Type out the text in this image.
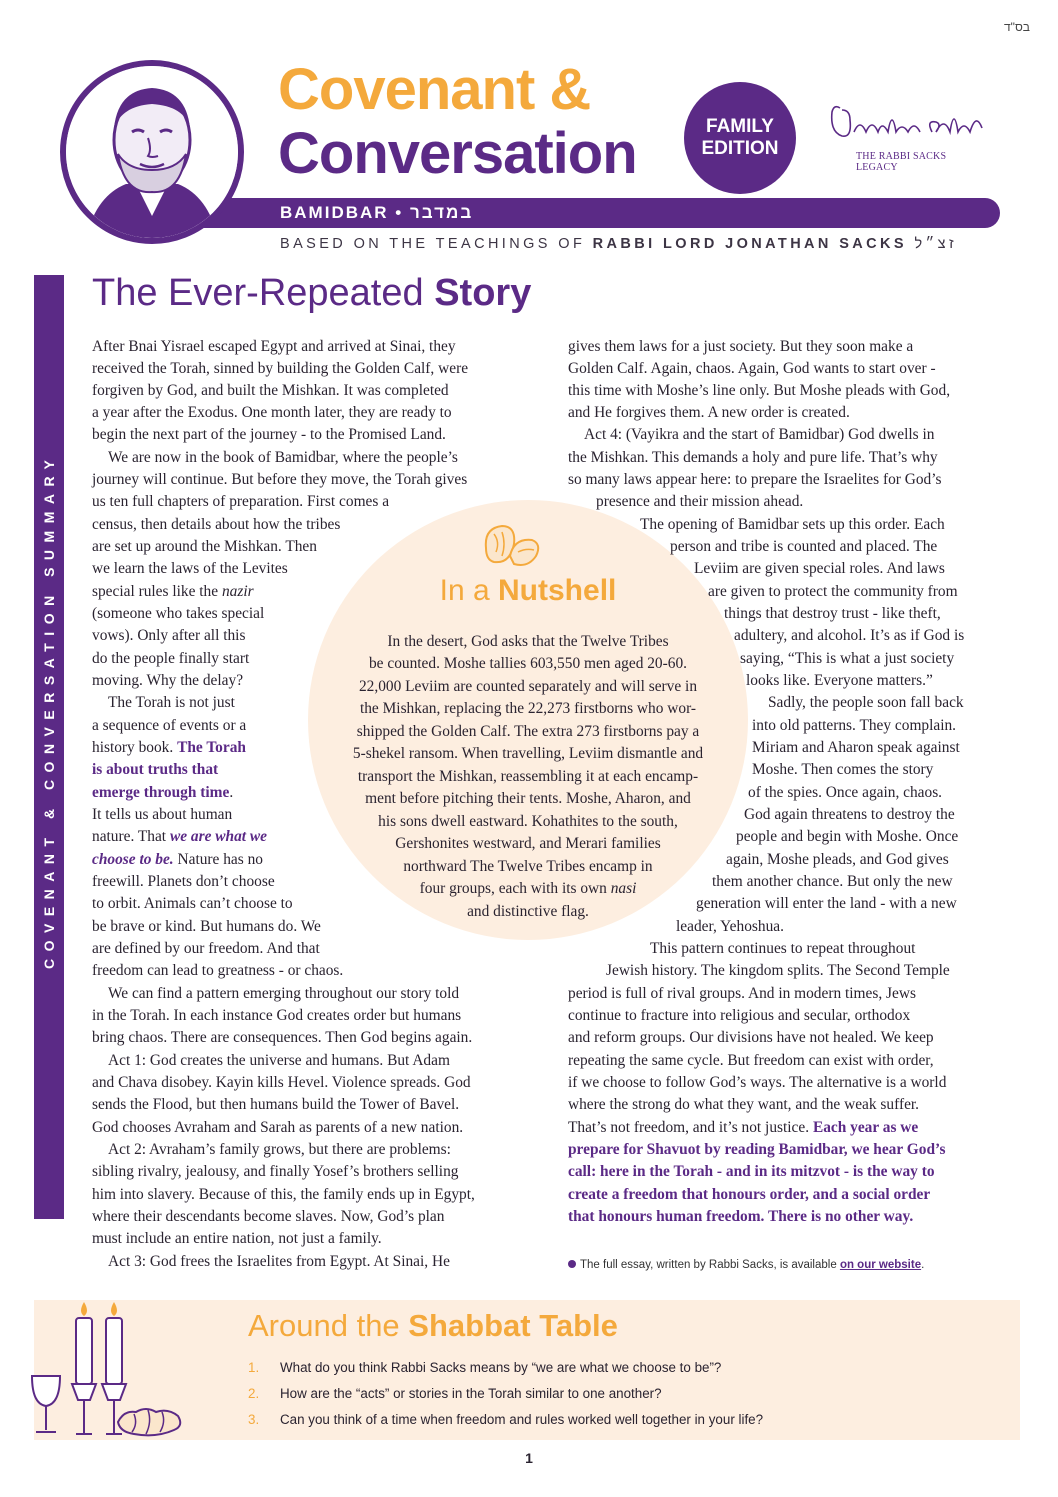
בס"ד
BAMIDBAR • במדבר
Covenant &
Conversation	FAMILY
EDITION	THE RABBI SACKS LEGACY
BASED ON THE TEACHINGS OF RABBI LORD JONATHAN SACKS זצ״ל
COVENANT & CONVERSATION SUMMARY
The Ever-Repeated Story
In a Nutshell
In the desert, God asks that the Twelve Tribes
be counted. Moshe tallies 603,550 men aged 20-60.
22,000 Leviim are counted separately and will serve in
the Mishkan, replacing the 22,273 firstborns who wor-
shipped the Golden Calf. The extra 273 firstborns pay a
5-shekel ransom. When travelling, Leviim dismantle and
transport the Mishkan, reassembling it at each encamp-
ment before pitching their tents. Moshe, Aharon, and
his sons dwell eastward. Kohathites to the south,
Gershonites westward, and Merari families
northward The Twelve Tribes encamp in
four groups, each with its own nasi
and distinctive flag.
After Bnai Yisrael escaped Egypt and arrived at Sinai, they
received the Torah, sinned by building the Golden Calf, were
forgiven by God, and built the Mishkan. It was completed
a year after the Exodus. One month later, they are ready to
begin the next part of the journey - to the Promised Land.
We are now in the book of Bamidbar, where the people’s
journey will continue. But before they move, the Torah gives
us ten full chapters of preparation. First comes a
census, then details about how the tribes
are set up around the Mishkan. Then
we learn the laws of the Levites
special rules like the nazir
(someone who takes special
vows). Only after all this
do the people finally start
moving. Why the delay?
The Torah is not just
a sequence of events or a
history book. The Torah
is about truths that
emerge through time.
It tells us about human
nature. That we are what we
choose to be. Nature has no
freewill. Planets don’t choose
to orbit. Animals can’t choose to
be brave or kind. But humans do. We
are defined by our freedom. And that
freedom can lead to greatness - or chaos.
We can find a pattern emerging throughout our story told
in the Torah. In each instance God creates order but humans
bring chaos. There are consequences. Then God begins again.
Act 1: God creates the universe and humans. But Adam
and Chava disobey. Kayin kills Hevel. Violence spreads. God
sends the Flood, but then humans build the Tower of Bavel.
God chooses Avraham and Sarah as parents of a new nation.
Act 2: Avraham’s family grows, but there are problems:
sibling rivalry, jealousy, and finally Yosef’s brothers selling
him into slavery. Because of this, the family ends up in Egypt,
where their descendants become slaves. Now, God’s plan
must include an entire nation, not just a family.
Act 3: God frees the Israelites from Egypt. At Sinai, He
gives them laws for a just society. But they soon make a
Golden Calf. Again, chaos. Again, God wants to start over -
this time with Moshe’s line only. But Moshe pleads with God,
and He forgives them. A new order is created.
Act 4: (Vayikra and the start of Bamidbar) God dwells in
the Mishkan. This demands a holy and pure life. That’s why
so many laws appear here: to prepare the Israelites for God’s
presence and their mission ahead.
The opening of Bamidbar sets up this order. Each
person and tribe is counted and placed. The
Leviim are given special roles. And laws
are given to protect the community from
things that destroy trust - like theft,
adultery, and alcohol. It’s as if God is
saying, “This is what a just society
looks like. Everyone matters.”
Sadly, the people soon fall back
into old patterns. They complain.
Miriam and Aharon speak against
Moshe. Then comes the story
of the spies. Once again, chaos.
God again threatens to destroy the
people and begin with Moshe. Once
again, Moshe pleads, and God gives
them another chance. But only the new
generation will enter the land - with a new
leader, Yehoshua.
This pattern continues to repeat throughout
Jewish history. The kingdom splits. The Second Temple
period is full of rival groups. And in modern times, Jews
continue to fracture into religious and secular, orthodox
and reform groups. Our divisions have not healed. We keep
repeating the same cycle. But freedom can exist with order,
if we choose to follow God’s ways. The alternative is a world
where the strong do what they want, and the weak suffer.
That’s not freedom, and it’s not justice. Each year as we
prepare for Shavuot by reading Bamidbar, we hear God’s
call: here in the Torah - and in its mitzvot - is the way to
create a freedom that honours order, and a social order
that honours human freedom. There is no other way.
The full essay, written by Rabbi Sacks, is available on our website.
Around the Shabbat Table
1. What do you think Rabbi Sacks means by “we are what we choose to be”?
2. How are the “acts” or stories in the Torah similar to one another?
3. Can you think of a time when freedom and rules worked well together in your life?
1
